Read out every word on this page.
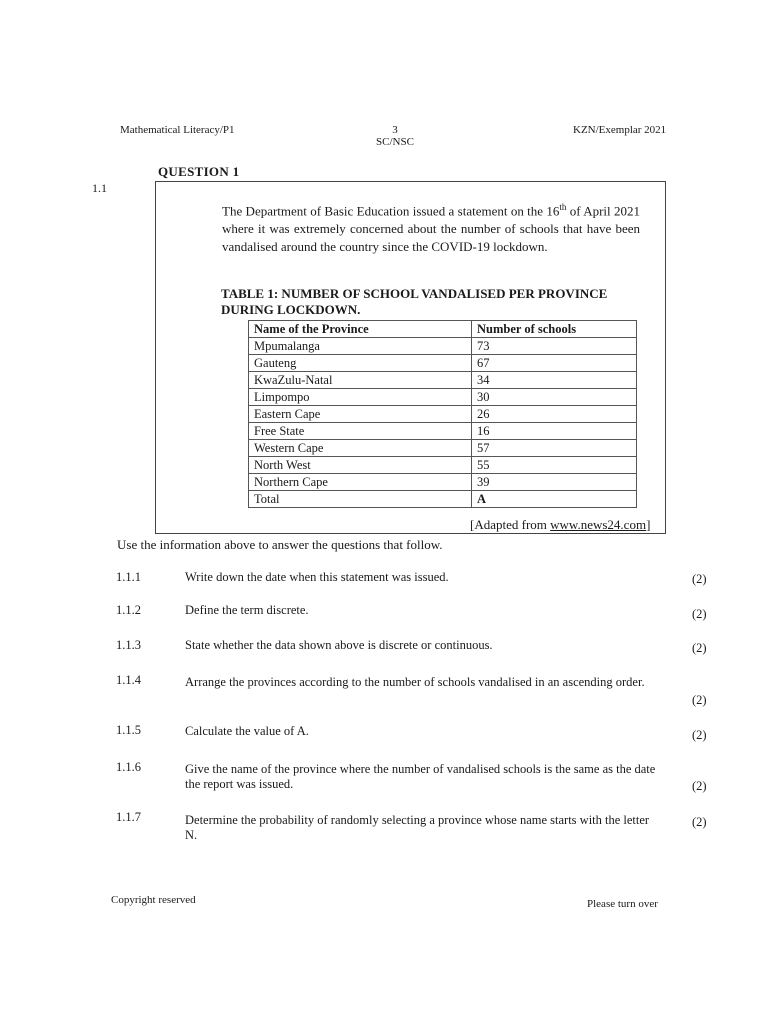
Mathematical Literacy/P1	3
SC/NSC
KZN/Exemplar 2021
QUESTION 1
1.1
The Department of Basic Education issued a statement on the 16th of April 2021 where it was extremely concerned about the number of schools that have been vandalised around the country since the COVID-19 lockdown.
TABLE 1: NUMBER OF SCHOOL VANDALISED PER PROVINCE DURING LOCKDOWN.
Name of the Province	Number of schools
Mpumalanga	73
Gauteng	67
KwaZulu-Natal	34
Limpompo	30
Eastern Cape	26
Free State	16
Western Cape	57
North West	55
Northern Cape	39
Total	A
[Adapted from www.news24.com]
Use the information above to answer the questions that follow.
1.1.1	Write down the date when this statement was issued.	(2)
1.1.2	Define the term discrete.	(2)
1.1.3	State whether the data shown above is discrete or continuous.	(2)
1.1.4	Arrange the provinces according to the number of schools vandalised in an ascending order.
(2)
1.1.5	Calculate the value of A.	(2)
1.1.6	Give the name of the province where the number of vandalised schools is the same as the date the report was issued.	(2)
1.1.7	Determine the probability of randomly selecting a province whose name starts with the letter N.
(2)
Copyright reserved	Please turn over
